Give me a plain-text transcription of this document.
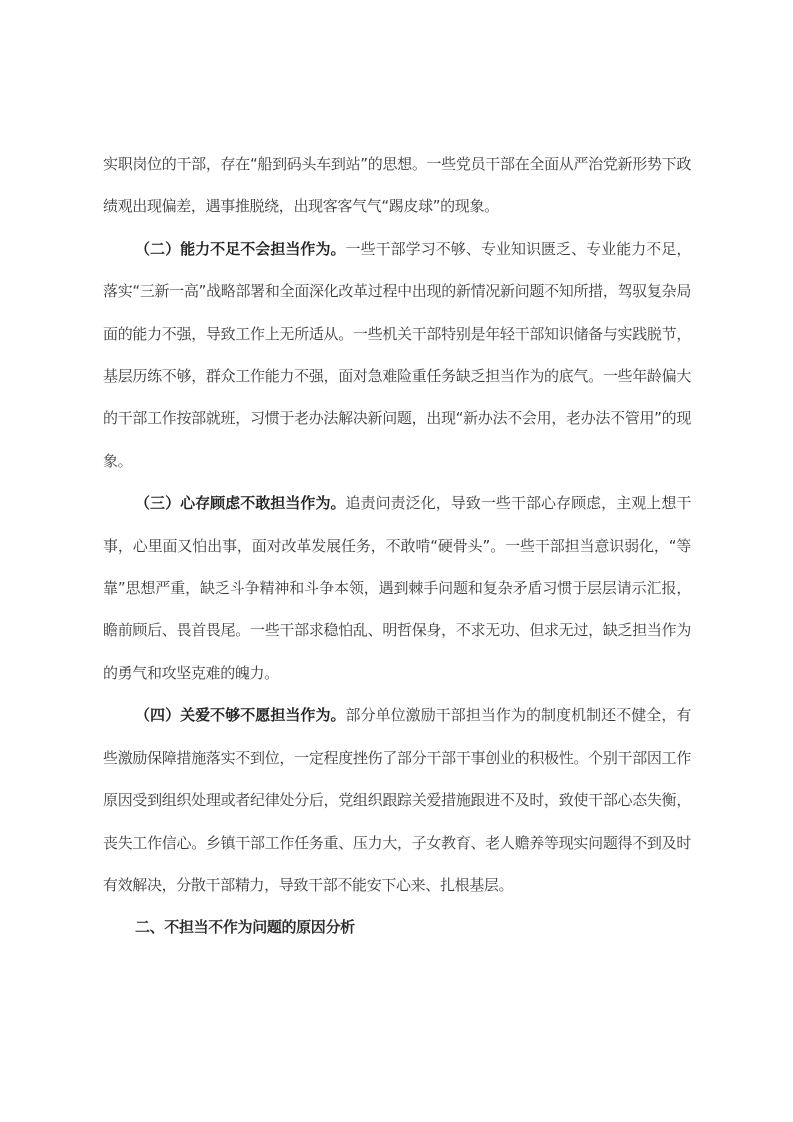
实职岗位的干部，存在“船到码头车到站”的思想。一些党员干部在全面从严治党新形势下政绩观出现偏差，遇事推脱绕，出现客客气气“踢皮球”的现象。

（二）能力不足不会担当作为。一些干部学习不够、专业知识匮乏、专业能力不足，落实“三新一高”战略部署和全面深化改革过程中出现的新情况新问题不知所措，驾驭复杂局面的能力不强，导致工作上无所适从。一些机关干部特别是年轻干部知识储备与实践脱节，基层历练不够，群众工作能力不强，面对急难险重任务缺乏担当作为的底气。一些年龄偏大的干部工作按部就班，习惯于老办法解决新问题，出现“新办法不会用，老办法不管用”的现象。

（三）心存顾虑不敢担当作为。追责问责泛化，导致一些干部心存顾虑，主观上想干事，心里面又怕出事，面对改革发展任务，不敢啃“硬骨头”。一些干部担当意识弱化，“等靠”思想严重，缺乏斗争精神和斗争本领，遇到棘手问题和复杂矛盾习惯于层层请示汇报，瞻前顾后、畏首畏尾。一些干部求稳怕乱、明哲保身，不求无功、但求无过，缺乏担当作为的勇气和攻坚克难的魄力。

（四）关爱不够不愿担当作为。部分单位激励干部担当作为的制度机制还不健全，有些激励保障措施落实不到位，一定程度挫伤了部分干部干事创业的积极性。个别干部因工作原因受到组织处理或者纪律处分后，党组织跟踪关爱措施跟进不及时，致使干部心态失衡，丧失工作信心。乡镇干部工作任务重、压力大，子女教育、老人赡养等现实问题得不到及时有效解决，分散干部精力，导致干部不能安下心来、扎根基层。

二、不担当不作为问题的原因分析
